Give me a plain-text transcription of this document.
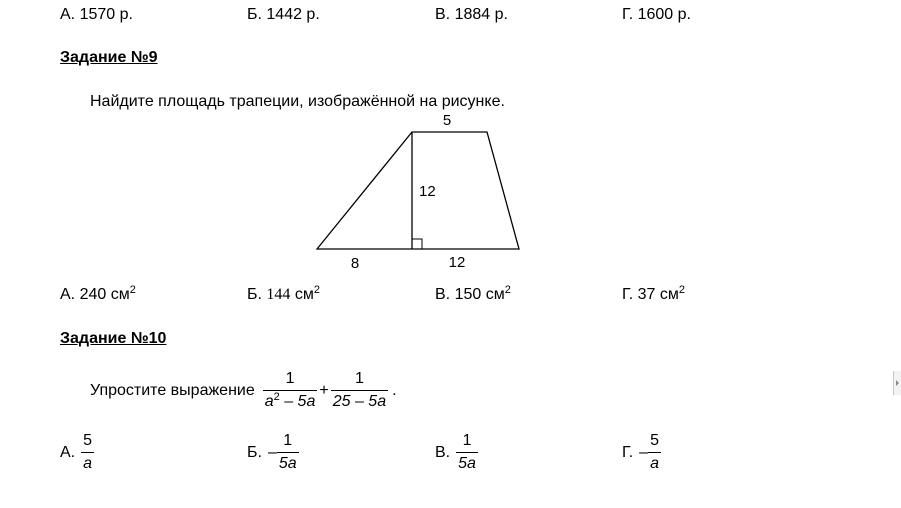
А. 1570 р.	Б. 1442 р.	В. 1884 р.	Г. 1600 р.
Задание №9
Найдите площадь трапеции, изображённой на рисунке.
5
12
8	12
А. 240 $см^2$	Б. 144 $см^2$	В. 150 $см^2$	Г. 37 $см^2$
Задание №10
Упростите выражение $\frac{1}{a^2 - 5a} + \frac{1}{25 - 5a}$ .
А. $\frac{5}{a}$	Б. – $\frac{1}{5a}$	В. $\frac{1}{5a}$	Г. – $\frac{5}{a}$
